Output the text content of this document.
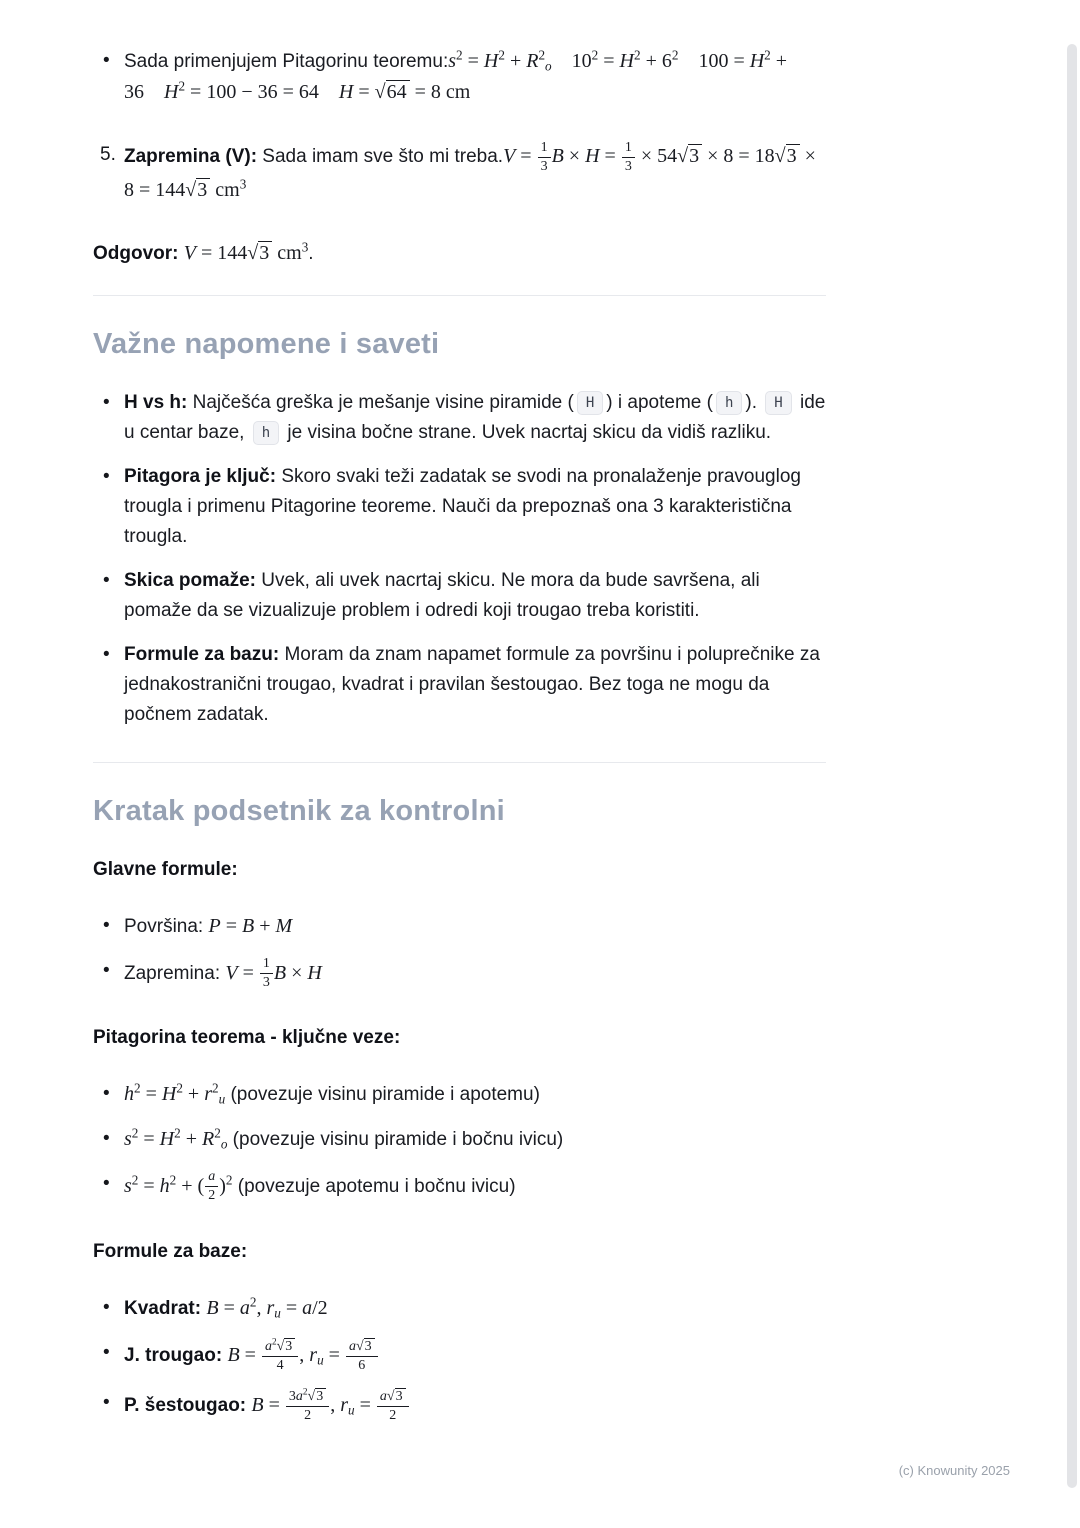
• Sada primenjujem Pitagorinu $teoremu:s^2 = H^2 + R^2_o$ $10^2 = H^2 + 6^2$ $100 = H^2 + 36$ $H^2 = 100 - 36 = 64$ H = √64 = 8 cm
5. Zapremina (V): Sada imam sve što mi treba.V = $\frac{1}{3}$ $B \times H = \frac{1}{3} \times 54√3 \times 8 = 18√3 \times 8 = 144√3$ $cm^3$

Odgovor: V = 144√3 $cm^3$.

Važne napomene i saveti
• H vs h: Najčešća greška je mešanje visine piramide ( H ) i apoteme ( h ). H ide u centar baze, h je visina bočne strane. Uvek nacrtaj skicu da vidiš razliku.
• Pitagora je ključ: Skoro svaki teži zadatak se svodi na pronalaženje pravouglog trougla i primenu Pitagorine teoreme. Nauči da prepoznaš ona 3 karakteristična trougla.
• Skica pomaže: Uvek, ali uvek nacrtaj skicu. Ne mora da bude savršena, ali pomaže da se vizualizuje problem i odredi koji trougao treba koristiti.
• Formule za bazu: Moram da znam napamet formule za površinu i poluprečnike za jednakostranični trougao, kvadrat i pravilan šestougao. Bez toga ne mogu da počnem zadatak.
Kratak podsetnik za kontrolni

Glavne formule:

• Površina: P = B + M
• Zapremina: $V = \frac{1}{3}$ B × H

Pitagorina teorema - ključne veze:

• $h^2 = H^2 + r^2_u$ (povezuje visinu piramide i apotemu)
• $s^2 = H^2 + R^2_o$ (povezuje visinu piramide i bočnu ivicu)
• $s^2 = h^2$ + ( $\frac{a}{2} )^2$ (povezuje apotemu i bočnu ivicu)

Formule za baze:

• Kvadrat: $B = a^2$, $r_u = a/2$
• J. trougao: $B = \frac{a^2√3}{4}$ , $r_u = \frac{a√3}{6}$
• P. šestougao: $B = \frac{3a^2√3}{2}$ , $r_u = \frac{a√3}{2}$
(c) Knowunity 2025
